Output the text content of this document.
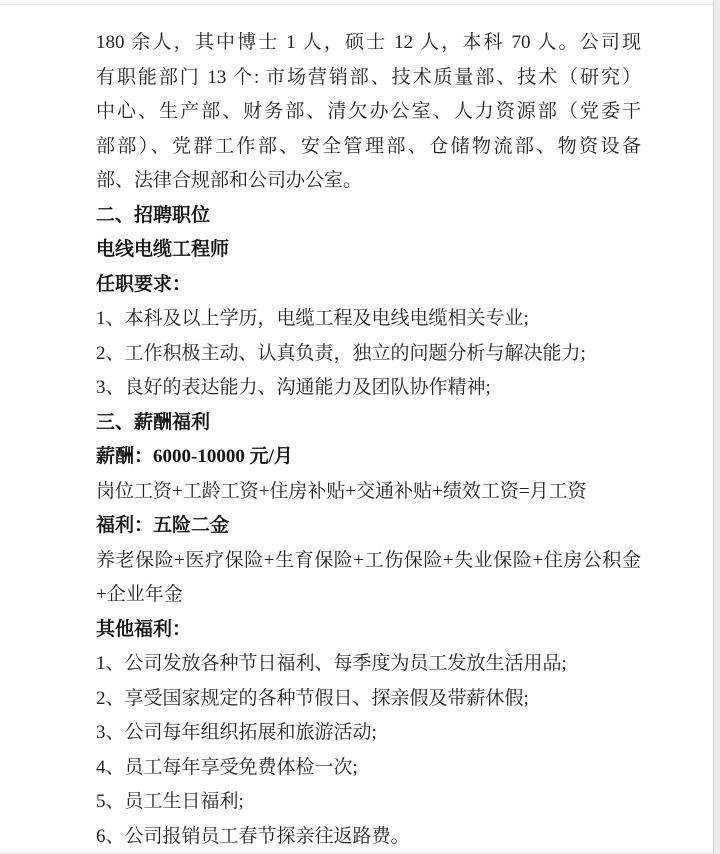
180 余人，其中博士 1 人，硕士 12 人，本科 70 人。公司现
有职能部门 13 个: 市场营销部、技术质量部、技术（研究）
中心、生产部、财务部、清欠办公室、人力资源部（党委干
部部）、党群工作部、安全管理部、仓储物流部、物资设备
部、法律合规部和公司办公室。
二、招聘职位
电线电缆工程师
任职要求：
1、本科及以上学历，电缆工程及电线电缆相关专业;
2、工作积极主动、认真负责，独立的问题分析与解决能力;
3、良好的表达能力、沟通能力及团队协作精神;
三、薪酬福利
薪酬：6000-10000 元/月
岗位工资+工龄工资+住房补贴+交通补贴+绩效工资=月工资
福利：五险二金
养老保险+医疗保险+生育保险+工伤保险+失业保险+住房公积金
+企业年金
其他福利：
1、公司发放各种节日福利、每季度为员工发放生活用品;
2、享受国家规定的各种节假日、探亲假及带薪休假;
3、公司每年组织拓展和旅游活动;
4、员工每年享受免费体检一次;
5、员工生日福利;
6、公司报销员工春节探亲往返路费。
